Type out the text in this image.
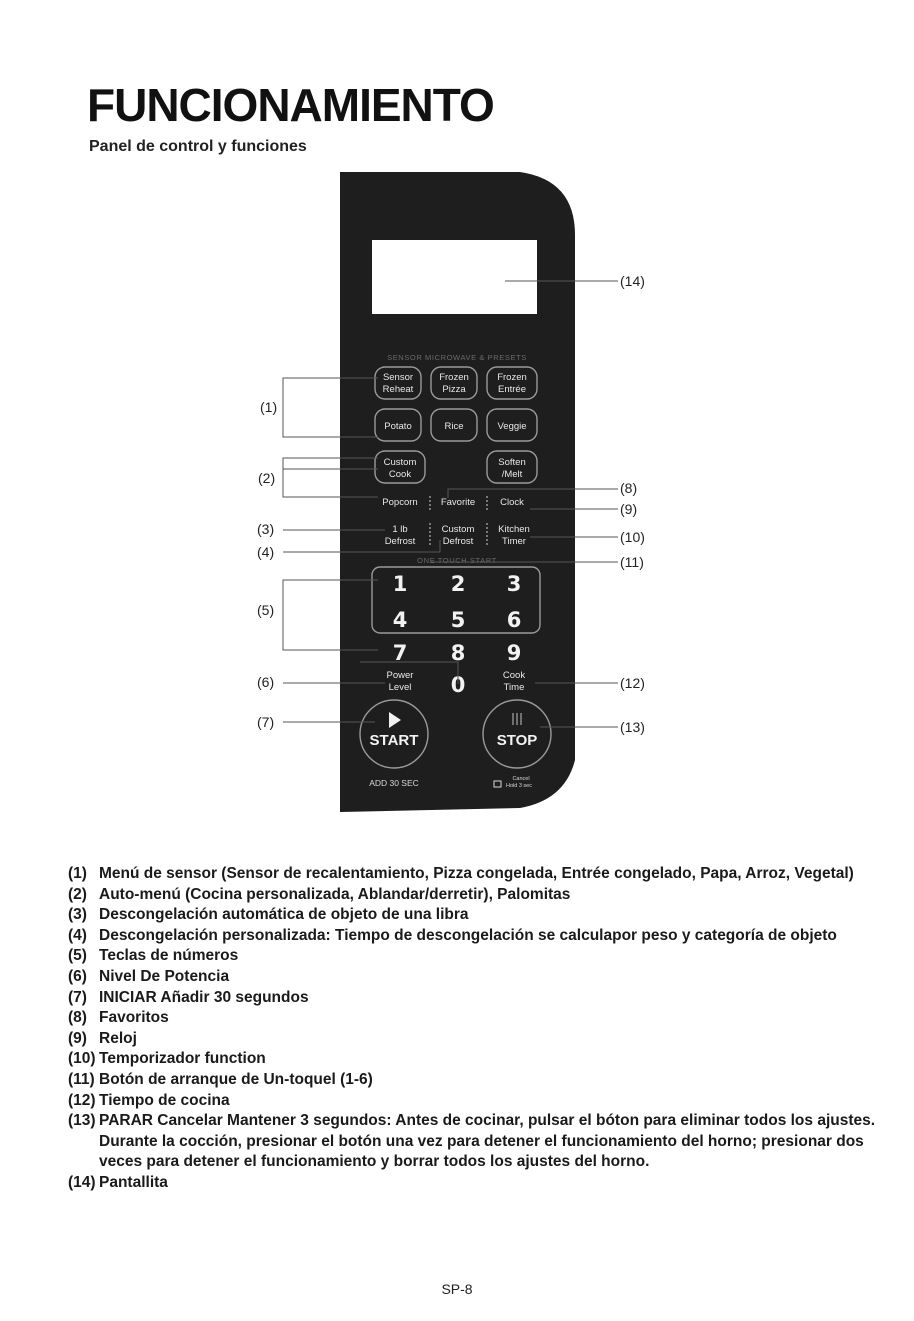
FUNCIONAMIENTO
Panel de control y funciones
SENSOR MICROWAVE & PRESETS
Sensor
Reheat
Frozen
Pizza
Frozen
Entrée
Potato	Rice	Veggie
Custom
Cook
Soften
/Melt
Popcorn Favorite	Clock
1 lb
Defrost
Custom
Defrost
Kitchen
Timer
Power
Level
Cook
Time
ONE TOUCH START
1 2 3
4 5 6
7 8 9
0
START	STOP
ADD 30 SEC	Cancel
Hold 3 sec
(1)
(2)
(3)
(4)
(5)
(6)
(7)
(8)
(9)
(10)
(11)
(12)
(13)
(14)
(1) Menú de sensor (Sensor de recalentamiento, Pizza congelada, Entrée congelado, Papa, Arroz, Vegetal)
(2) Auto-menú (Cocina personalizada, Ablandar/derretir), Palomitas
(3) Descongelación automática de objeto de una libra
(4) Descongelación personalizada: Tiempo de descongelación se calculapor peso y categoría de objeto
(5) Teclas de números
(6) Nivel De Potencia
(7) INICIAR Añadir 30 segundos
(8) Favoritos
(9) Reloj
(10) Temporizador function
(11) Botón de arranque de Un-toquel (1-6)
(12) Tiempo de cocina
(13) PARAR Cancelar Mantener 3 segundos: Antes de cocinar, pulsar el bóton para eliminar todos los ajustes. Durante la cocción, presionar el botón una vez para detener el funcionamiento del horno; presionar dos veces para detener el funcionamiento y borrar todos los ajustes del horno.
(14) Pantallita
SP-8
